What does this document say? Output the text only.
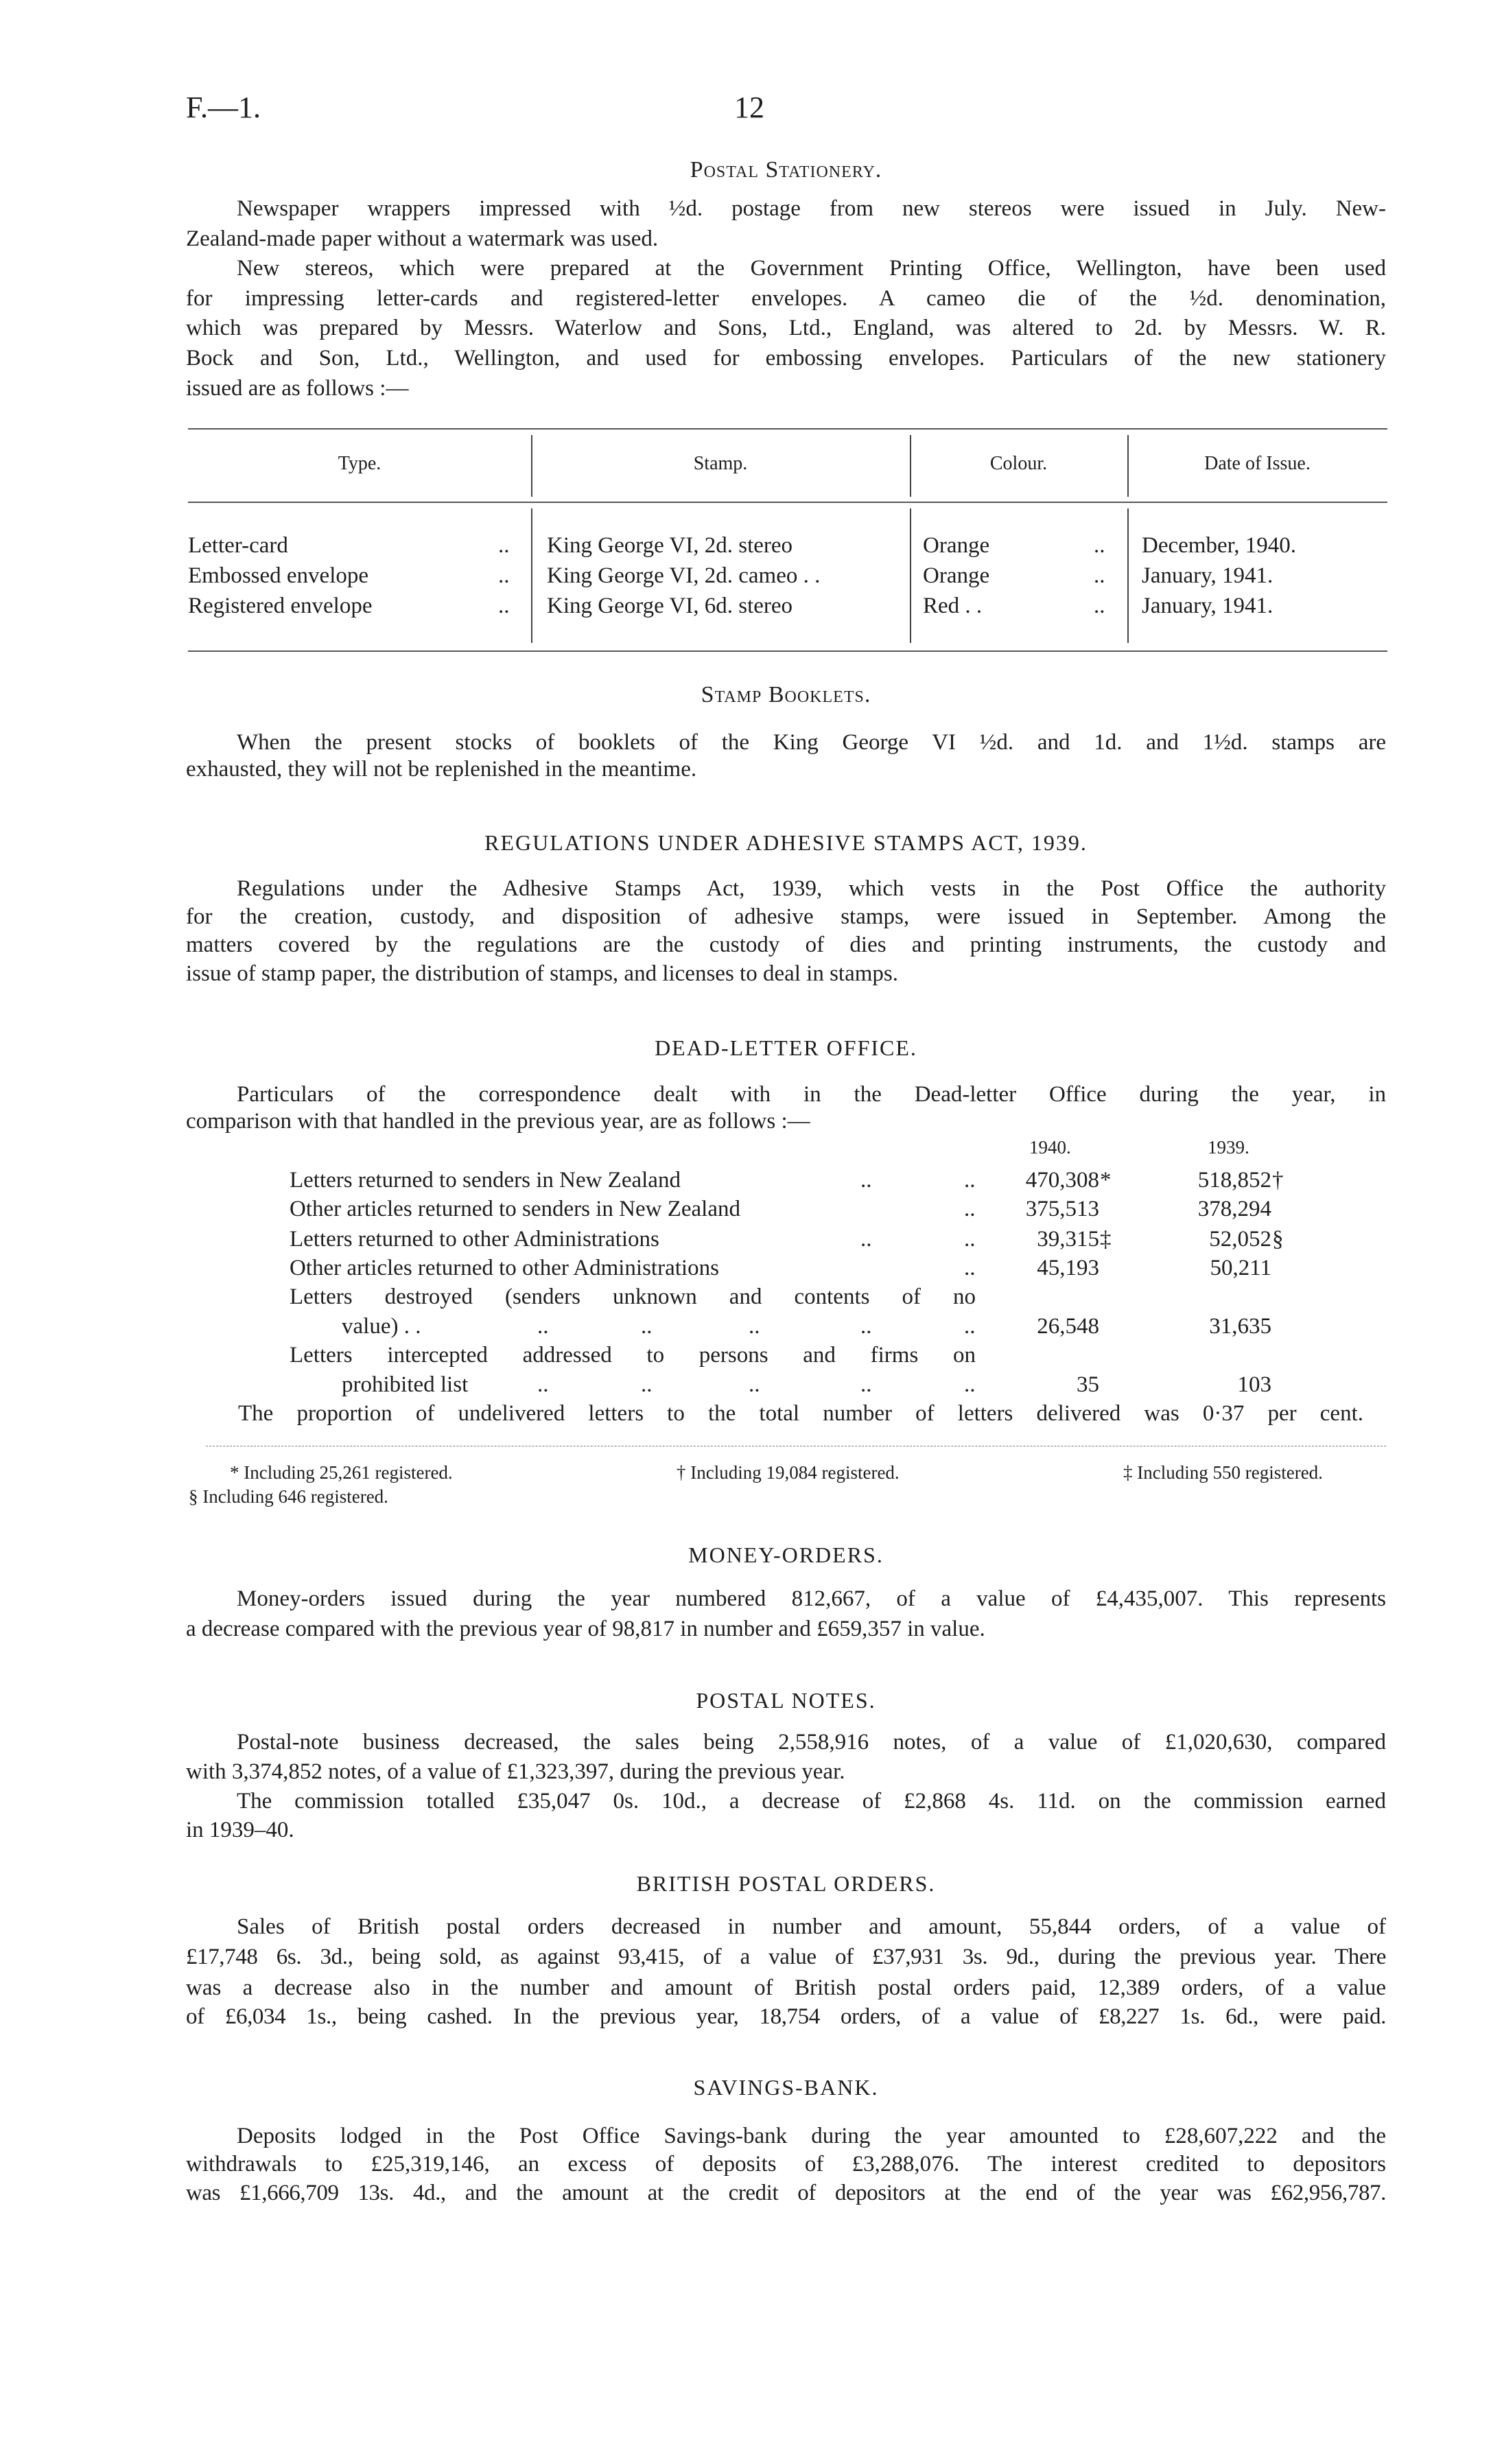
F.—1.	12
Postal Stationery.
Newspaper wrappers impressed with ½d. postage from new stereos were issued in July. New-
Zealand-made paper without a watermark was used.
New stereos, which were prepared at the Government Printing Office, Wellington, have been used
for impressing letter-cards and registered-letter envelopes. A cameo die of the ½d. denomination,
which was prepared by Messrs. Waterlow and Sons, Ltd., England, was altered to 2d. by Messrs. W. R.
Bock and Son, Ltd., Wellington, and used for embossing envelopes. Particulars of the new stationery
issued are as follows :—
Type.	Stamp.	Colour.	Date of Issue.
Letter-card	.. King George VI, 2d. stereo	Orange	.. December, 1940.
Embossed envelope	.. King George VI, 2d. cameo . .	Orange	.. January, 1941.
Registered envelope	.. King George VI, 6d. stereo	Red . .	.. January, 1941.
Stamp Booklets.
When the present stocks of booklets of the King George VI ½d. and 1d. and 1½d. stamps are
exhausted, they will not be replenished in the meantime.
REGULATIONS UNDER ADHESIVE STAMPS ACT, 1939.
Regulations under the Adhesive Stamps Act, 1939, which vests in the Post Office the authority
for the creation, custody, and disposition of adhesive stamps, were issued in September. Among the
matters covered by the regulations are the custody of dies and printing instruments, the custody and
issue of stamp paper, the distribution of stamps, and licenses to deal in stamps.
DEAD-LETTER OFFICE.
Particulars of the correspondence dealt with in the Dead-letter Office during the year, in
comparison with that handled in the previous year, are as follows :—
1940.	1939.
Letters returned to senders in New Zealand	..	..	470,308 *	518,852 †
Other articles returned to senders in New Zealand	..	375,513	378,294
Letters returned to other Administrations	..	..	39,315 ‡	52,052 §
Other articles returned to other Administrations	..	45,193	50,211
Letters destroyed (senders unknown and contents of no
value) . .	..	..	..	..	..	26,548	31,635
Letters intercepted addressed to persons and firms on
prohibited list	..	..	..	..	..	35	103
The proportion of undelivered letters to the total number of letters delivered was 0·37 per cent.
* Including 25,261 registered.	† Including 19,084 registered.	‡ Including 550 registered.
§ Including 646 registered.
MONEY-ORDERS.
Money-orders issued during the year numbered 812,667, of a value of £4,435,007. This represents
a decrease compared with the previous year of 98,817 in number and £659,357 in value.
POSTAL NOTES.
Postal-note business decreased, the sales being 2,558,916 notes, of a value of £1,020,630, compared
with 3,374,852 notes, of a value of £1,323,397, during the previous year.
The commission totalled £35,047 0s. 10d., a decrease of £2,868 4s. 11d. on the commission earned
in 1939–40.
BRITISH POSTAL ORDERS.
Sales of British postal orders decreased in number and amount, 55,844 orders, of a value of
£17,748 6s. 3d., being sold, as against 93,415, of a value of £37,931 3s. 9d., during the previous year. There
was a decrease also in the number and amount of British postal orders paid, 12,389 orders, of a value
of £6,034 1s., being cashed. In the previous year, 18,754 orders, of a value of £8,227 1s. 6d., were paid.
SAVINGS-BANK.
Deposits lodged in the Post Office Savings-bank during the year amounted to £28,607,222 and the
withdrawals to £25,319,146, an excess of deposits of £3,288,076. The interest credited to depositors
was £1,666,709 13s. 4d., and the amount at the credit of depositors at the end of the year was £62,956,787.
